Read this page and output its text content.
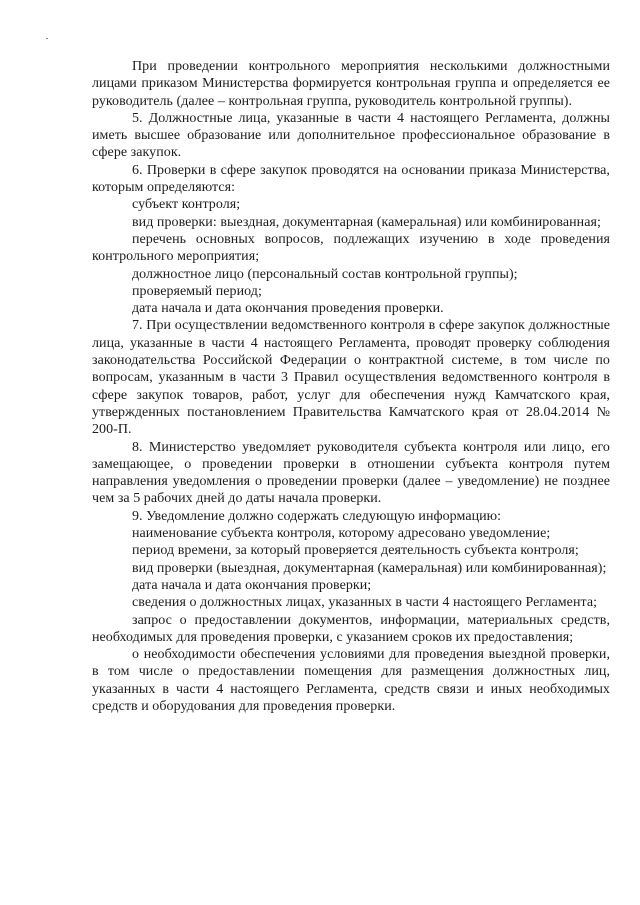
При проведении контрольного мероприятия несколькими должностными лицами приказом Министерства формируется контрольная группа и определяется ее руководитель (далее – контрольная группа, руководитель контрольной группы).

5. Должностные лица, указанные в части 4 настоящего Регламента, должны иметь высшее образование или дополнительное профессиональное образование в сфере закупок.

6. Проверки в сфере закупок проводятся на основании приказа Министерства, которым определяются:

субъект контроля;

вид проверки: выездная, документарная (камеральная) или комбинированная;

перечень основных вопросов, подлежащих изучению в ходе проведения контрольного мероприятия;

должностное лицо (персональный состав контрольной группы);

проверяемый период;

дата начала и дата окончания проведения проверки.

7. При осуществлении ведомственного контроля в сфере закупок должностные лица, указанные в части 4 настоящего Регламента, проводят проверку соблюдения законодательства Российской Федерации о контрактной системе, в том числе по вопросам, указанным в части 3 Правил осуществления ведомственного контроля в сфере закупок товаров, работ, услуг для обеспечения нужд Камчатского края, утвержденных постановлением Правительства Камчатского края от 28.04.2014 № 200-П.

8. Министерство уведомляет руководителя субъекта контроля или лицо, его замещающее, о проведении проверки в отношении субъекта контроля путем направления уведомления о проведении проверки (далее – уведомление) не позднее чем за 5 рабочих дней до даты начала проверки.

9. Уведомление должно содержать следующую информацию:

наименование субъекта контроля, которому адресовано уведомление;

период времени, за который проверяется деятельность субъекта контроля;

вид проверки (выездная, документарная (камеральная) или комбинированная);

дата начала и дата окончания проверки;

сведения о должностных лицах, указанных в части 4 настоящего Регламента;

запрос о предоставлении документов, информации, материальных средств, необходимых для проведения проверки, с указанием сроков их предоставления;

о необходимости обеспечения условиями для проведения выездной проверки, в том числе о предоставлении помещения для размещения должностных лиц, указанных в части 4 настоящего Регламента, средств связи и иных необходимых средств и оборудования для проведения проверки.
